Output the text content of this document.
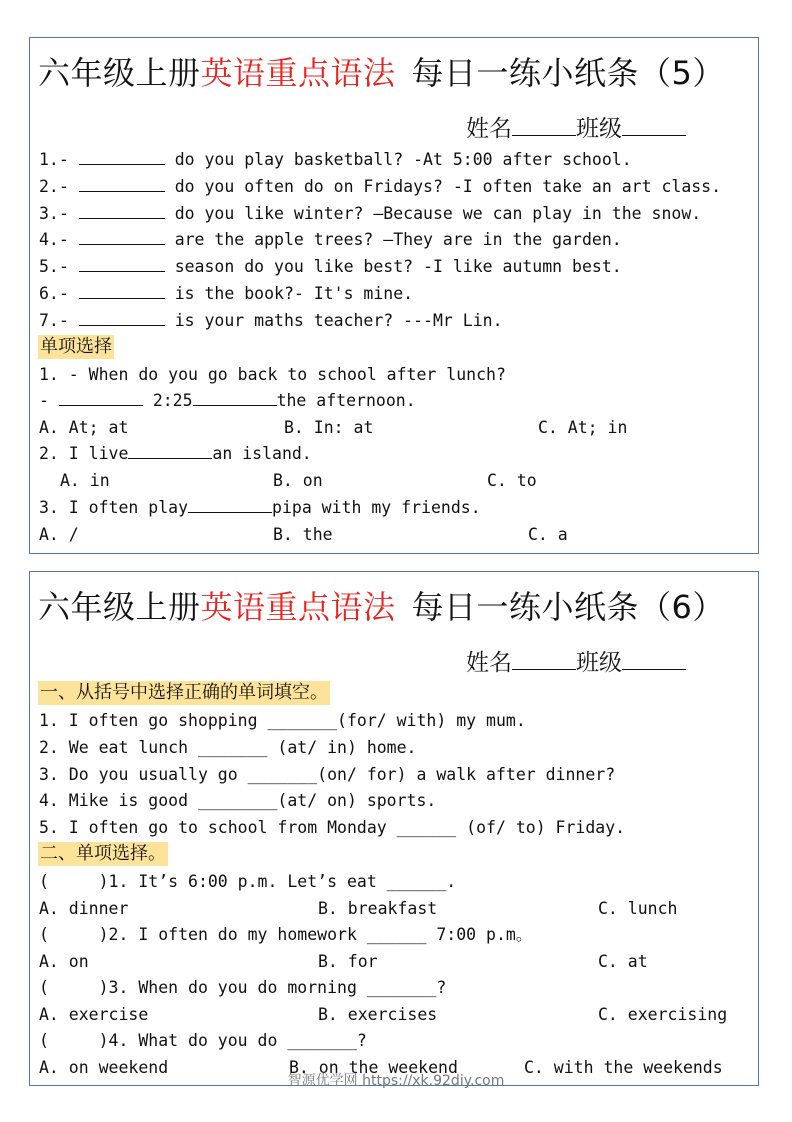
六年级上册英语重点语法 每日一练小纸条（5）
姓名	班级
1.-	do you play basketball? -At 5:00 after school.
2.-	do you often do on Fridays? -I often take an art class.
3.-	do you like winter? —Because we can play in the snow.
4.-	are the apple trees? —They are in the garden.
5.-	season do you like best? -I like autumn best.
6.-	is the book?- It's mine.
7.-	is your maths teacher? ---Mr Lin.
单项选择
1. - When do you go back to school after lunch?
-	2:25	the afternoon.
A. At; at	B. In: at	C. At; in
2. I live	an island.
A. in	B. on	C. to
3. I often play	pipa with my friends.
A. /	B. the	C. a
六年级上册英语重点语法 每日一练小纸条（6）
姓名	班级
一、从括号中选择正确的单词填空。
1. I often go shopping _______(for/ with) my mum.
2. We eat lunch _______ (at/ in) home.
3. Do you usually go _______(on/ for) a walk after dinner?
4. Mike is good ________(at/ on) sports.
5. I often go to school from Monday ______ (of/ to) Friday.
二、单项选择。
(     )1. It’s 6:00 p.m. Let’s eat ______.
A. dinner	B. breakfast	C. lunch
(     )2. I often do my homework ______ 7:00 p.m。
A. on	B. for	C. at
(     )3. When do you do morning _______?
A. exercise	B. exercises	C. exercising
(     )4. What do you do _______?
A. on weekend	B. on the weekend	C. with the weekends
智源优学网 https://xk.92diy.com
